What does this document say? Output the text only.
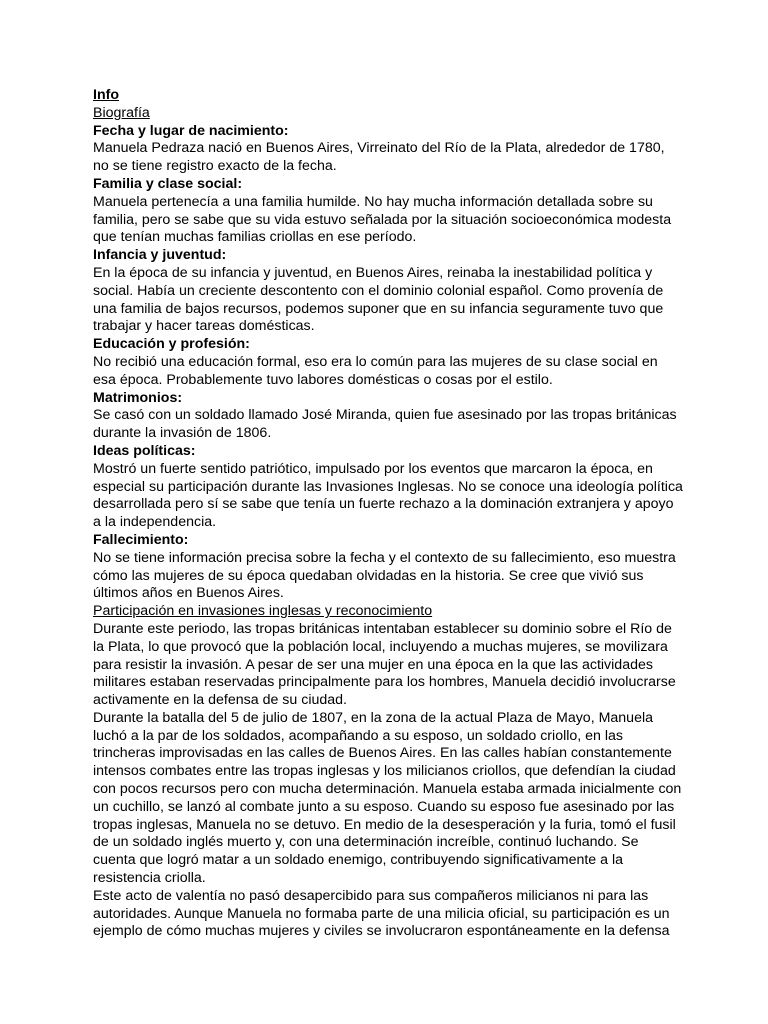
Info

Biografía

Fecha y lugar de nacimiento:

Manuela Pedraza nació en Buenos Aires, Virreinato del Río de la Plata, alrededor de 1780, no se tiene registro exacto de la fecha.

Familia y clase social:

Manuela pertenecía a una familia humilde. No hay mucha información detallada sobre su familia, pero se sabe que su vida estuvo señalada por la situación socioeconómica modesta que tenían muchas familias criollas en ese período.

Infancia y juventud:

En la época de su infancia y juventud, en Buenos Aires, reinaba la inestabilidad política y social. Había un creciente descontento con el dominio colonial español. Como provenía de una familia de bajos recursos, podemos suponer que en su infancia seguramente tuvo que trabajar y hacer tareas domésticas.

Educación y profesión:

No recibió una educación formal, eso era lo común para las mujeres de su clase social en esa época. Probablemente tuvo labores domésticas o cosas por el estilo.

Matrimonios:

Se casó con un soldado llamado José Miranda, quien fue asesinado por las tropas británicas durante la invasión de 1806.

Ideas políticas:

Mostró un fuerte sentido patriótico, impulsado por los eventos que marcaron la época, en especial su participación durante las Invasiones Inglesas. No se conoce una ideología política desarrollada pero sí se sabe que tenía un fuerte rechazo a la dominación extranjera y apoyo a la independencia.

Fallecimiento:

No se tiene información precisa sobre la fecha y el contexto de su fallecimiento, eso muestra cómo las mujeres de su época quedaban olvidadas en la historia. Se cree que vivió sus últimos años en Buenos Aires.

Participación en invasiones inglesas y reconocimiento

Durante este periodo, las tropas británicas intentaban establecer su dominio sobre el Río de la Plata, lo que provocó que la población local, incluyendo a muchas mujeres, se movilizara para resistir la invasión. A pesar de ser una mujer en una época en la que las actividades militares estaban reservadas principalmente para los hombres, Manuela decidió involucrarse activamente en la defensa de su ciudad.

Durante la batalla del 5 de julio de 1807, en la zona de la actual Plaza de Mayo, Manuela luchó a la par de los soldados, acompañando a su esposo, un soldado criollo, en las trincheras improvisadas en las calles de Buenos Aires. En las calles habían constantemente intensos combates entre las tropas inglesas y los milicianos criollos, que defendían la ciudad con pocos recursos pero con mucha determinación. Manuela estaba armada inicialmente con un cuchillo, se lanzó al combate junto a su esposo. Cuando su esposo fue asesinado por las tropas inglesas, Manuela no se detuvo. En medio de la desesperación y la furia, tomó el fusil de un soldado inglés muerto y, con una determinación increíble, continuó luchando. Se cuenta que logró matar a un soldado enemigo, contribuyendo significativamente a la resistencia criolla.

Este acto de valentía no pasó desapercibido para sus compañeros milicianos ni para las autoridades. Aunque Manuela no formaba parte de una milicia oficial, su participación es un ejemplo de cómo muchas mujeres y civiles se involucraron espontáneamente en la defensa
